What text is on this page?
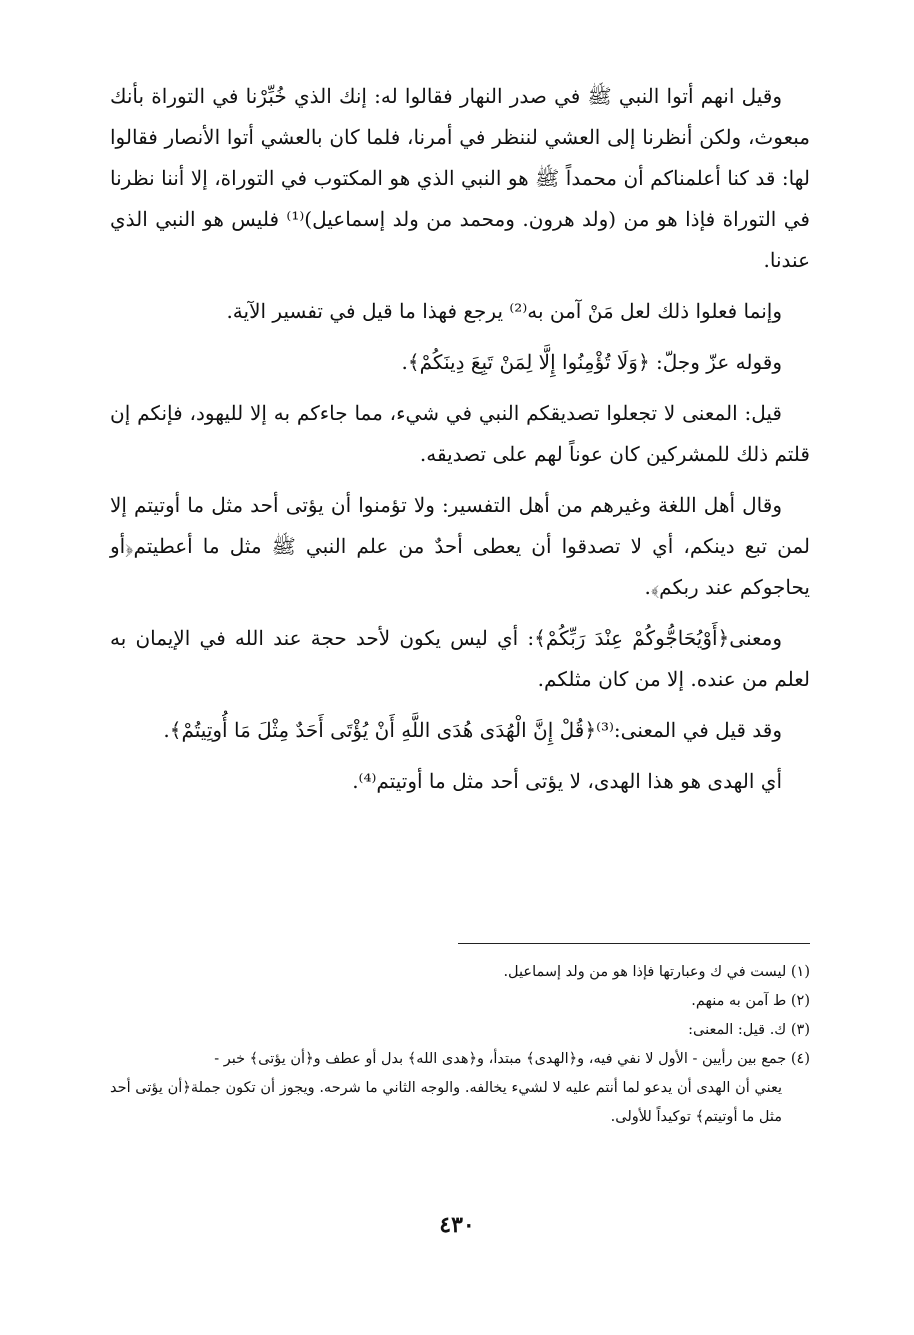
وقيل انهم أتوا النبي ﷺ في صدر النهار فقالوا له: إنك الذي خُبِّرْنا في التوراة بأنك مبعوث، ولكن أنظرنا إلى العشي لننظر في أمرنا، فلما كان بالعشي أتوا الأنصار فقالوا لها: قد كنا أعلمناكم أن محمداً ﷺ هو النبي الذي هو المكتوب في التوراة، إلا أننا نظرنا في التوراة فإذا هو من (ولد هرون. ومحمد من ولد إسماعيل)⁽¹⁾ فليس هو النبي الذي عندنا.

وإنما فعلوا ذلك لعل مَنْ آمن به⁽²⁾ يرجع فهذا ما قيل في تفسير الآية.

وقوله عزّ وجلّ: ﴿وَلَا تُؤْمِنُوا إِلَّا لِمَنْ تَبِعَ دِينَكُمْ﴾.

قيل: المعنى لا تجعلوا تصديقكم النبي في شيء، مما جاءكم به إلا لليهود، فإنكم إن قلتم ذلك للمشركين كان عوناً لهم على تصديقه.

وقال أهل اللغة وغيرهم من أهل التفسير: ولا تؤمنوا أن يؤتى أحد مثل ما أوتيتم إلا لمن تبع دينكم، أي لا تصدقوا أن يعطى أحدٌ من علم النبي ﷺ مثل ما أعطيتم﴿أو يحاجوكم عند ربكم﴾.

ومعنى﴿أَوْيُحَاجُّوكُمْ عِنْدَ رَبِّكُمْ﴾: أي ليس يكون لأحد حجة عند الله في الإيمان به لعلم من عنده. إلا من كان مثلكم.

وقد قيل في المعنى:⁽³⁾﴿قُلْ إِنَّ الْهُدَى هُدَى اللَّهِ أَنْ يُؤْتَى أَحَدٌ مِثْلَ مَا أُوتِيتُمْ﴾.

أي الهدى هو هذا الهدى، لا يؤتى أحد مثل ما أوتيتم⁽⁴⁾.

(١) ليست في ك وعبارتها فإذا هو من ولد إسماعيل.

(٢) ط آمن به منهم.

(٣) ك. قيل: المعنى:

(٤) جمع بين رأيين - الأول لا نفي فيه، و﴿الهدى﴾ مبتدأ، و﴿هدى الله﴾ بدل أو عطف و﴿أن يؤتى﴾ خبر -

يعني أن الهدى أن يدعو لما أنتم عليه لا لشيء يخالفه. والوجه الثاني ما شرحه. ويجوز أن تكون جملة﴿أن يؤتى أحد مثل ما أوتيتم﴾ توكيداً للأولى.

٤٣٠
